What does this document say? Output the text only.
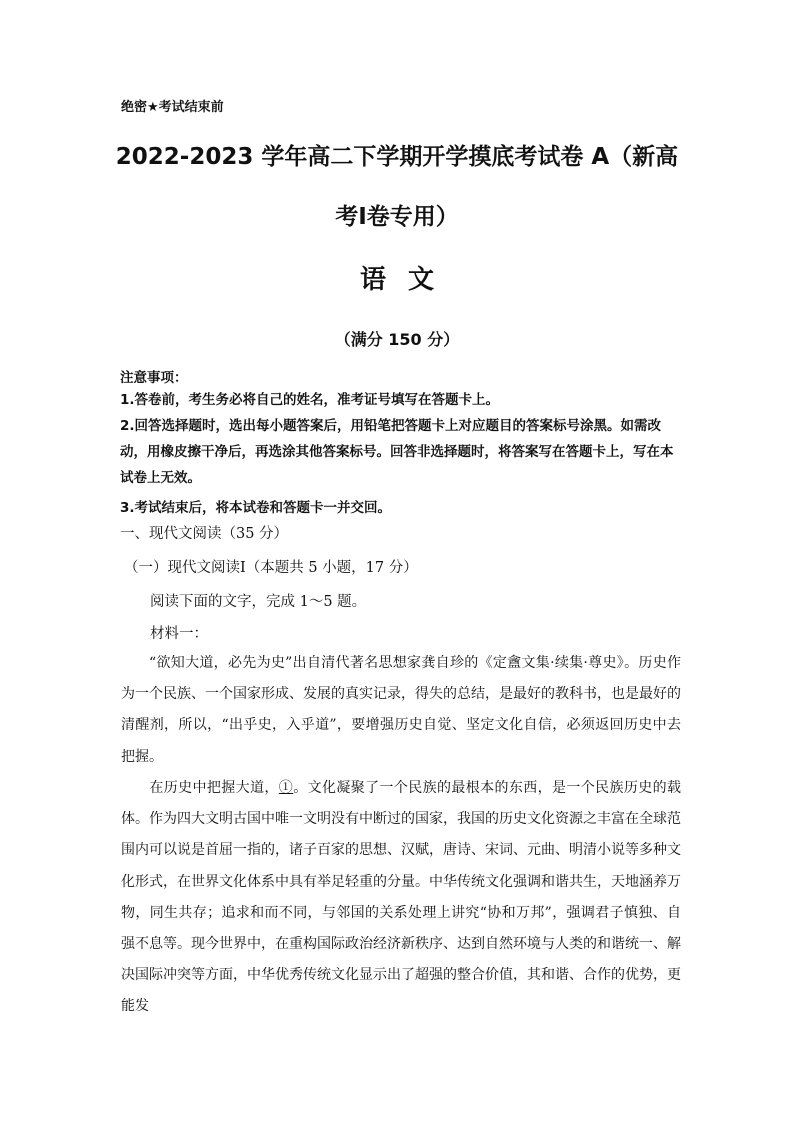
绝密★考试结束前
2022-2023 学年高二下学期开学摸底考试卷 A（新高
考Ⅰ卷专用）
语文
（满分 150 分）
注意事项：
1.答卷前，考生务必将自己的姓名，准考证号填写在答题卡上。
2.回答选择题时，选出每小题答案后，用铅笔把答题卡上对应题目的答案标号涂黑。如需改动，用橡皮擦干净后，再选涂其他答案标号。回答非选择题时，将答案写在答题卡上，写在本试卷上无效。
3.考试结束后，将本试卷和答题卡一并交回。
一、现代文阅读（35 分）
（一）现代文阅读Ⅰ（本题共 5 小题，17 分）
阅读下面的文字，完成 1～5 题。
材料一：
“欲知大道，必先为史”出自清代著名思想家龚自珍的《定盦文集·续集·尊史》。历史作为一个民族、一个国家形成、发展的真实记录，得失的总结，是最好的教科书，也是最好的清醒剂，所以，“出乎史，入乎道”，要增强历史自觉、坚定文化自信，必须返回历史中去把握。
在历史中把握大道，①。文化凝聚了一个民族的最根本的东西，是一个民族历史的载体。作为四大文明古国中唯一文明没有中断过的国家，我国的历史文化资源之丰富在全球范围内可以说是首屈一指的，诸子百家的思想、汉赋，唐诗、宋词、元曲、明清小说等多种文化形式，在世界文化体系中具有举足轻重的分量。中华传统文化强调和谐共生，天地涵养万物，同生共存；追求和而不同，与邻国的关系处理上讲究“协和万邦”，强调君子慎独、自强不息等。现今世界中，在重构国际政治经济新秩序、达到自然环境与人类的和谐统一、解决国际冲突等方面，中华优秀传统文化显示出了超强的整合价值，其和谐、合作的优势，更能发
